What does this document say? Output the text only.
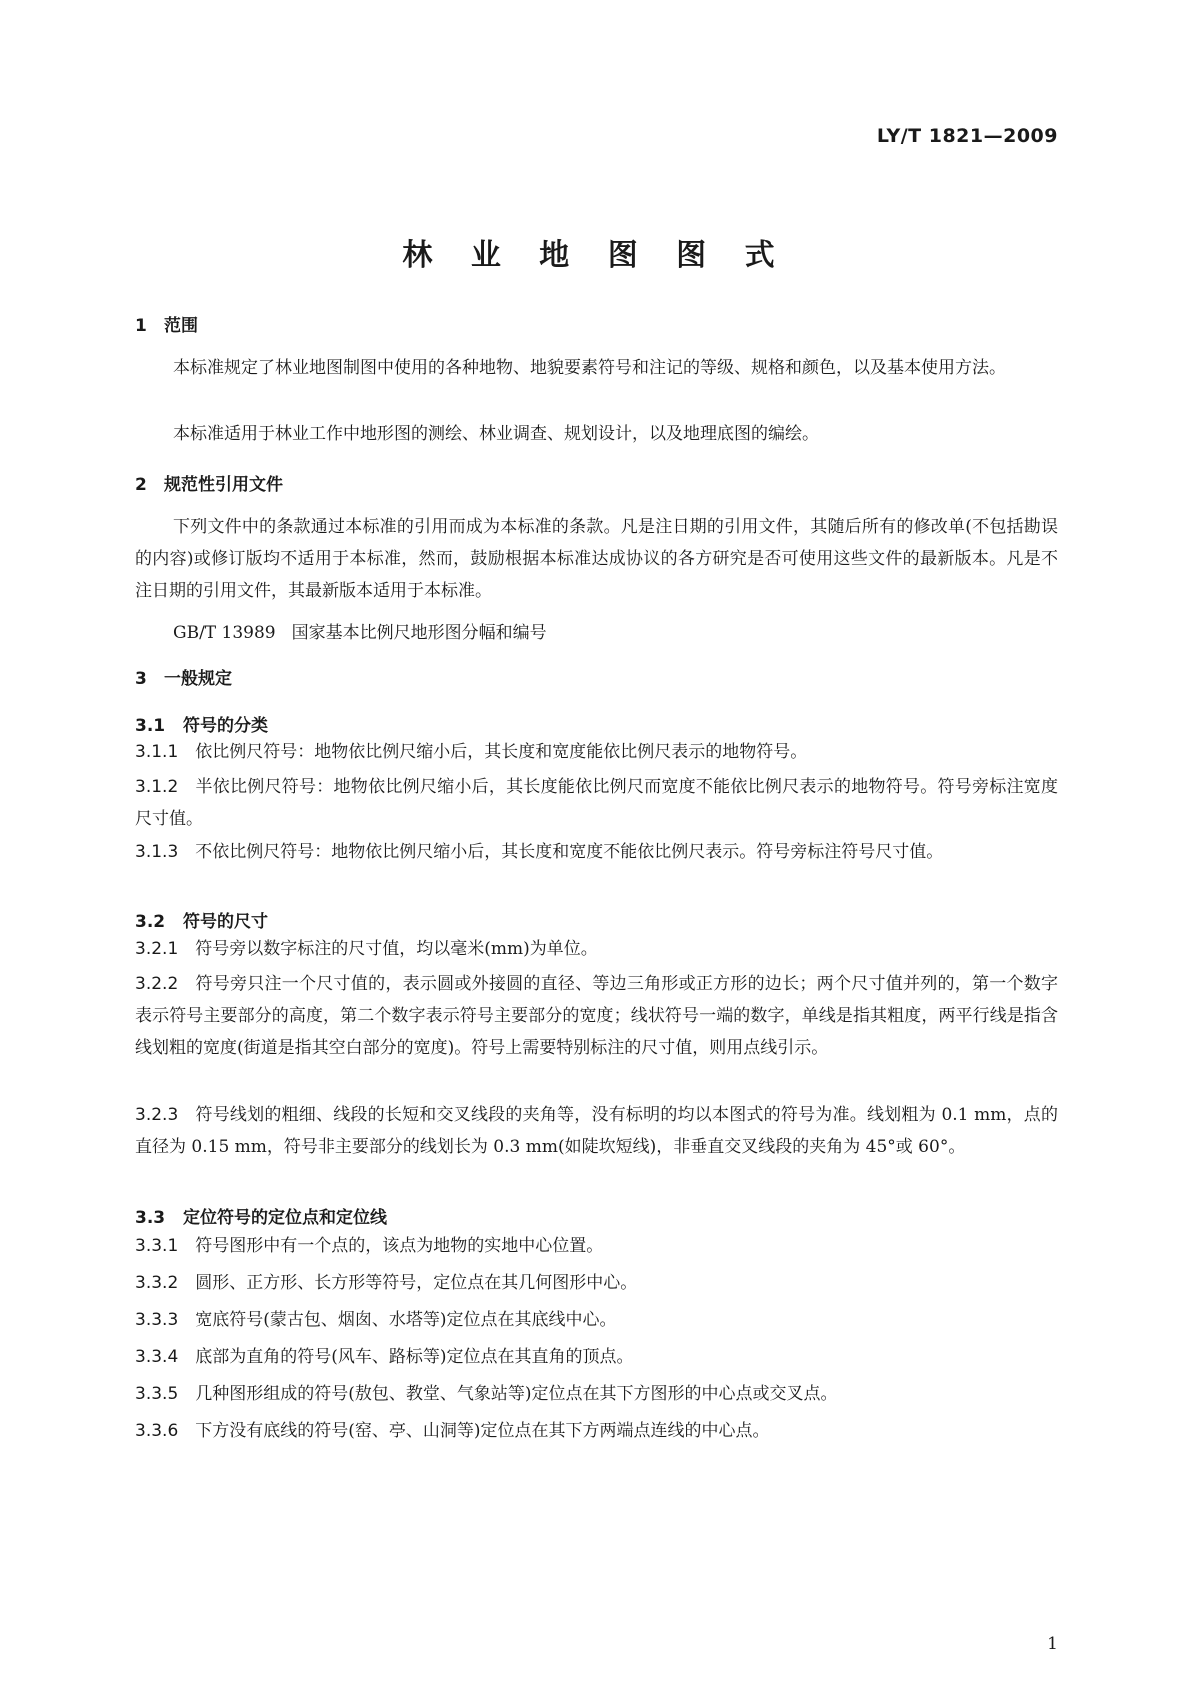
LY/T 1821—2009
林 业 地 图 图 式
1 范围
本标准规定了林业地图制图中使用的各种地物、地貌要素符号和注记的等级、规格和颜色，以及基本使用方法。
本标准适用于林业工作中地形图的测绘、林业调查、规划设计，以及地理底图的编绘。
2 规范性引用文件
下列文件中的条款通过本标准的引用而成为本标准的条款。凡是注日期的引用文件，其随后所有的修改单(不包括勘误的内容)或修订版均不适用于本标准，然而，鼓励根据本标准达成协议的各方研究是否可使用这些文件的最新版本。凡是不注日期的引用文件，其最新版本适用于本标准。
GB/T 13989 国家基本比例尺地形图分幅和编号
3 一般规定
3.1 符号的分类
3.1.1 依比例尺符号：地物依比例尺缩小后，其长度和宽度能依比例尺表示的地物符号。
3.1.2 半依比例尺符号：地物依比例尺缩小后，其长度能依比例尺而宽度不能依比例尺表示的地物符号。符号旁标注宽度尺寸值。
3.1.3 不依比例尺符号：地物依比例尺缩小后，其长度和宽度不能依比例尺表示。符号旁标注符号尺寸值。
3.2 符号的尺寸
3.2.1 符号旁以数字标注的尺寸值，均以毫米(mm)为单位。
3.2.2 符号旁只注一个尺寸值的，表示圆或外接圆的直径、等边三角形或正方形的边长；两个尺寸值并列的，第一个数字表示符号主要部分的高度，第二个数字表示符号主要部分的宽度；线状符号一端的数字，单线是指其粗度，两平行线是指含线划粗的宽度(街道是指其空白部分的宽度)。符号上需要特别标注的尺寸值，则用点线引示。
3.2.3 符号线划的粗细、线段的长短和交叉线段的夹角等，没有标明的均以本图式的符号为准。线划粗为 0.1 mm，点的直径为 0.15 mm，符号非主要部分的线划长为 0.3 mm(如陡坎短线)，非垂直交叉线段的夹角为 45°或 60°。
3.3 定位符号的定位点和定位线
3.3.1 符号图形中有一个点的，该点为地物的实地中心位置。
3.3.2 圆形、正方形、长方形等符号，定位点在其几何图形中心。
3.3.3 宽底符号(蒙古包、烟囱、水塔等)定位点在其底线中心。
3.3.4 底部为直角的符号(风车、路标等)定位点在其直角的顶点。
3.3.5 几种图形组成的符号(敖包、教堂、气象站等)定位点在其下方图形的中心点或交叉点。
3.3.6 下方没有底线的符号(窑、亭、山洞等)定位点在其下方两端点连线的中心点。
1
